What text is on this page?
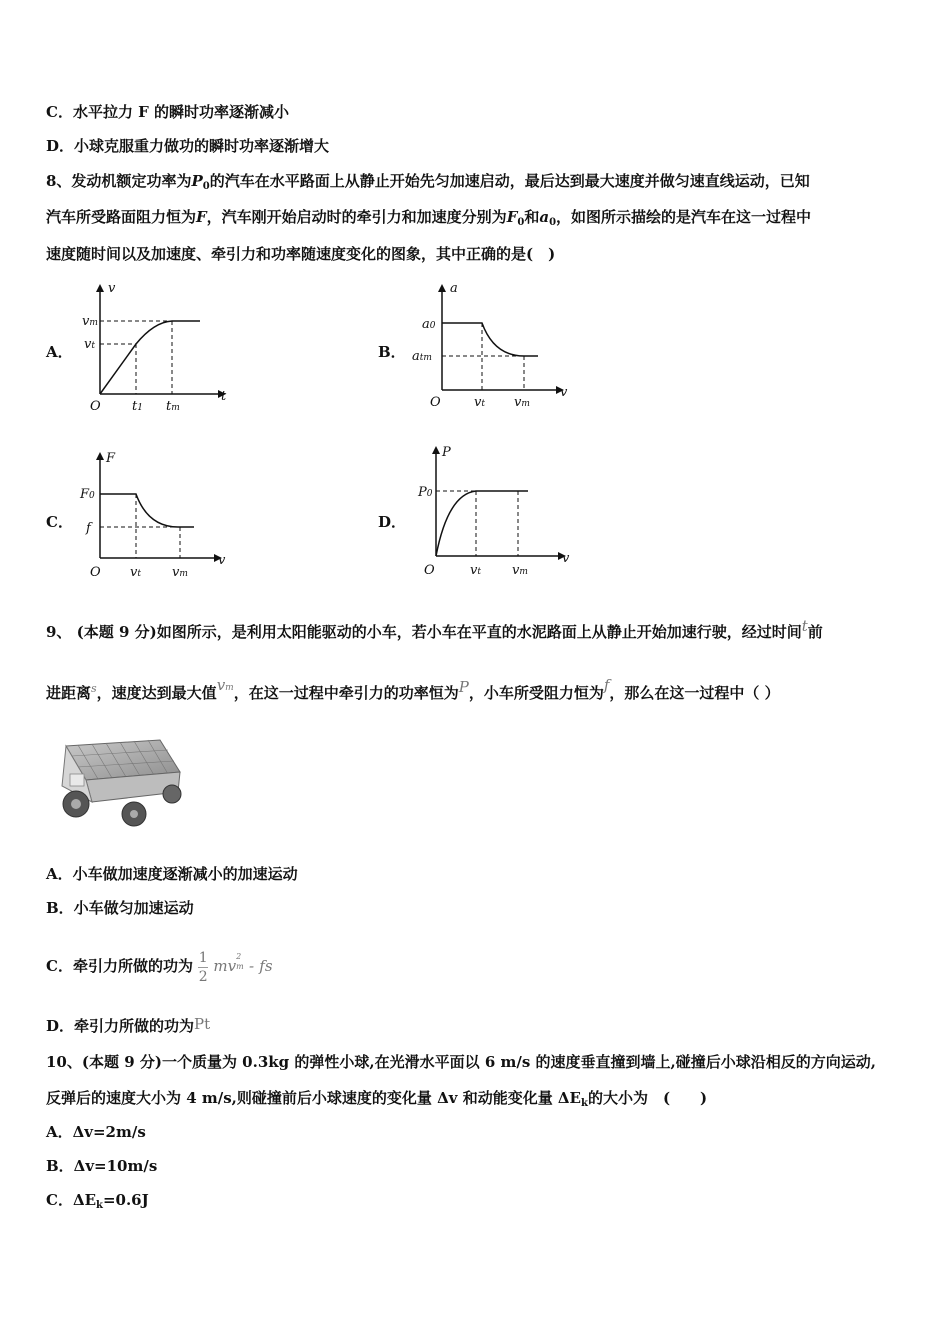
C．水平拉力 F 的瞬时功率逐渐减小
D．小球克服重力做功的瞬时功率逐渐增大
8、发动机额定功率为$P_0$的汽车在水平路面上从静止开始先匀加速启动，最后达到最大速度并做匀速直线运动，已知
汽车所受路面阻力恒为F，汽车刚开始启动时的牵引力和加速度分别为$F_0$和$a_0$，如图所示描绘的是汽车在这一过程中
速度随时间以及加速度、牵引力和功率随速度变化的图象，其中正确的是(　)
A．	B．
C．	D．
v
t
O
vm
vt
t1 tm
a
v
O
a0
atm
vt vm
F
v
O
F0
f
vt vm
P
v
O
P0
vt vm
9、 (本题 9 分)如图所示，是利用太阳能驱动的小车，若小车在平直的水泥路面上从静止开始加速行驶，经过时间t前
进距离$^s$，速度达到最大值vm，在这一过程中牵引力的功率恒为P，小车所受阻力恒为f，那么在这一过程中（ ）
A．小车做加速度逐渐减小的加速运动
B．小车做匀加速运动
C．牵引力所做的功为 $\frac{1}{2}$ mv
2
m - fs
D．牵引力所做的功为Pt
10、(本题 9 分)一个质量为 0.3kg 的弹性小球,在光滑水平面以 6 m/s 的速度垂直撞到墙上,碰撞后小球沿相反的方向运动,
反弹后的速度大小为 4 m/s,则碰撞前后小球速度的变化量 Δv 和动能变化量 $\Delta E_k$的大小为　(　　)
A．Δv=2m/s
B．Δv=10m/s
C．$\Delta E_k=0.6J$
